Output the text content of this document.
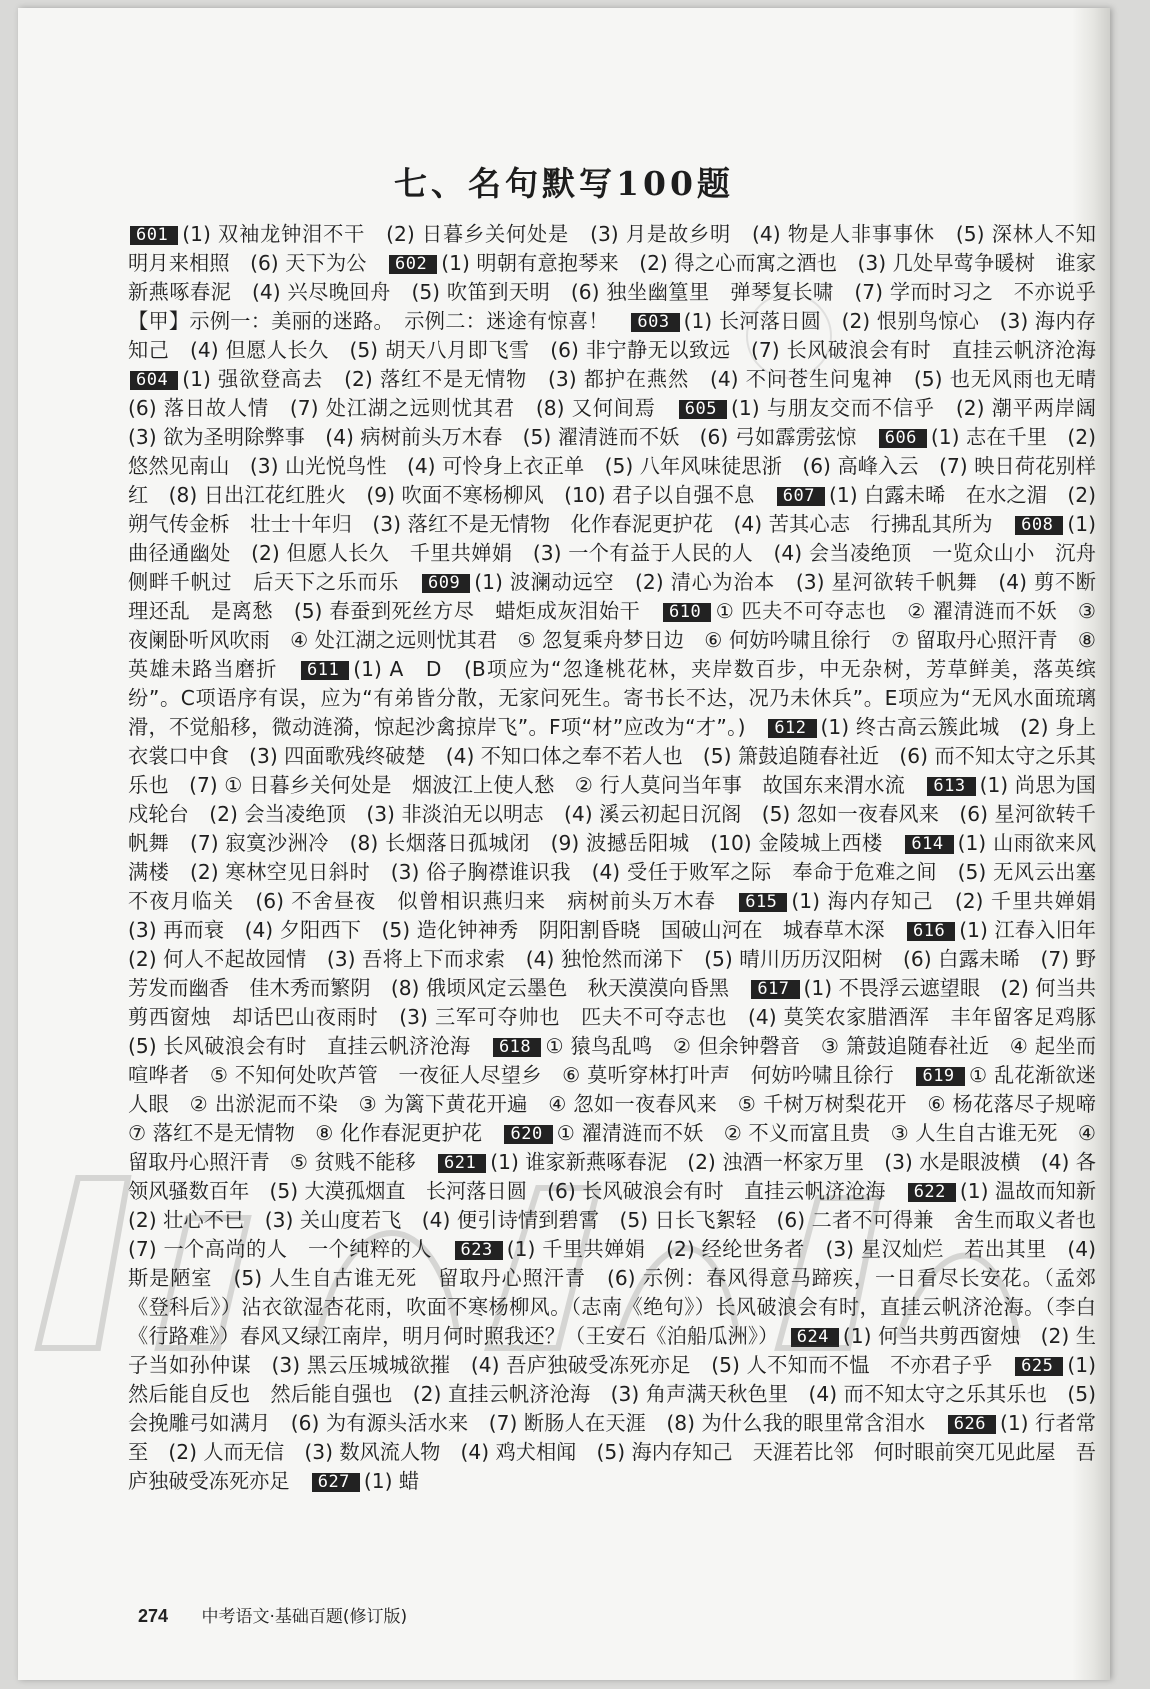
七、名句默写100题
601 (1) 双袖龙钟泪不干　(2) 日暮乡关何处是　(3) 月是故乡明　(4) 物是人非事事休　(5) 深林人不知　明月来相照　(6) 天下为公　602 (1) 明朝有意抱琴来　(2) 得之心而寓之酒也　(3) 几处早莺争暖树　谁家新燕啄春泥　(4) 兴尽晚回舟　(5) 吹笛到天明　(6) 独坐幽篁里　弹琴复长啸　(7) 学而时习之　不亦说乎　【甲】示例一：美丽的迷路。　示例二：迷途有惊喜！　603 (1) 长河落日圆　(2) 恨别鸟惊心　(3) 海内存知己　(4) 但愿人长久　(5) 胡天八月即飞雪　(6) 非宁静无以致远　(7) 长风破浪会有时　直挂云帆济沧海　604 (1) 强欲登高去　(2) 落红不是无情物　(3) 都护在燕然　(4) 不问苍生问鬼神　(5) 也无风雨也无晴　(6) 落日故人情　(7) 处江湖之远则忧其君　(8) 又何间焉　605 (1) 与朋友交而不信乎　(2) 潮平两岸阔　(3) 欲为圣明除弊事　(4) 病树前头万木春　(5) 濯清涟而不妖　(6) 弓如霹雳弦惊　606 (1) 志在千里　(2) 悠然见南山　(3) 山光悦鸟性　(4) 可怜身上衣正单　(5) 八年风味徒思浙　(6) 高峰入云　(7) 映日荷花别样红　(8) 日出江花红胜火　(9) 吹面不寒杨柳风　(10) 君子以自强不息　607 (1) 白露未晞　在水之湄　(2) 朔气传金柝　壮士十年归　(3) 落红不是无情物　化作春泥更护花　(4) 苦其心志　行拂乱其所为　608 (1) 曲径通幽处　(2) 但愿人长久　千里共婵娟　(3) 一个有益于人民的人　(4) 会当凌绝顶　一览众山小　沉舟侧畔千帆过　后天下之乐而乐　609 (1) 波澜动远空　(2) 清心为治本　(3) 星河欲转千帆舞　(4) 剪不断　理还乱　是离愁　(5) 春蚕到死丝方尽　蜡炬成灰泪始干　610 ① 匹夫不可夺志也　② 濯清涟而不妖　③ 夜阑卧听风吹雨　④ 处江湖之远则忧其君　⑤ 忽复乘舟梦日边　⑥ 何妨吟啸且徐行　⑦ 留取丹心照汗青　⑧ 英雄未路当磨折　611 (1) A　D　(B项应为“忽逢桃花林，夹岸数百步，中无杂树，芳草鲜美，落英缤纷”。C项语序有误，应为“有弟皆分散，无家问死生。寄书长不达，况乃未休兵”。E项应为“无风水面琉璃滑，不觉船移，微动涟漪，惊起沙禽掠岸飞”。F项“材”应改为“才”。)　612 (1) 终古高云簇此城　(2) 身上衣裳口中食　(3) 四面歌残终破楚　(4) 不知口体之奉不若人也　(5) 箫鼓追随春社近　(6) 而不知太守之乐其乐也　(7) ① 日暮乡关何处是　烟波江上使人愁　② 行人莫问当年事　故国东来渭水流　613 (1) 尚思为国戍轮台　(2) 会当凌绝顶　(3) 非淡泊无以明志　(4) 溪云初起日沉阁　(5) 忽如一夜春风来　(6) 星河欲转千帆舞　(7) 寂寞沙洲冷　(8) 长烟落日孤城闭　(9) 波撼岳阳城　(10) 金陵城上西楼　614 (1) 山雨欲来风满楼　(2) 寒林空见日斜时　(3) 俗子胸襟谁识我　(4) 受任于败军之际　奉命于危难之间　(5) 无风云出塞　不夜月临关　(6) 不舍昼夜　似曾相识燕归来　病树前头万木春　615 (1) 海内存知己　(2) 千里共婵娟　(3) 再而衰　(4) 夕阳西下　(5) 造化钟神秀　阴阳割昏晓　国破山河在　城春草木深　616 (1) 江春入旧年　(2) 何人不起故园情　(3) 吾将上下而求索　(4) 独怆然而涕下　(5) 晴川历历汉阳树　(6) 白露未晞　(7) 野芳发而幽香　佳木秀而繁阴　(8) 俄顷风定云墨色　秋天漠漠向昏黑　617 (1) 不畏浮云遮望眼　(2) 何当共剪西窗烛　却话巴山夜雨时　(3) 三军可夺帅也　匹夫不可夺志也　(4) 莫笑农家腊酒浑　丰年留客足鸡豚　(5) 长风破浪会有时　直挂云帆济沧海　618 ① 猿鸟乱鸣　② 但余钟磬音　③ 箫鼓追随春社近　④ 起坐而喧哗者　⑤ 不知何处吹芦管　一夜征人尽望乡　⑥ 莫听穿林打叶声　何妨吟啸且徐行　619 ① 乱花渐欲迷人眼　② 出淤泥而不染　③ 为篱下黄花开遍　④ 忽如一夜春风来　⑤ 千树万树梨花开　⑥ 杨花落尽子规啼　⑦ 落红不是无情物　⑧ 化作春泥更护花　620 ① 濯清涟而不妖　② 不义而富且贵　③ 人生自古谁无死　④ 留取丹心照汗青　⑤ 贫贱不能移　621 (1) 谁家新燕啄春泥　(2) 浊酒一杯家万里　(3) 水是眼波横　(4) 各领风骚数百年　(5) 大漠孤烟直　长河落日圆　(6) 长风破浪会有时　直挂云帆济沧海　622 (1) 温故而知新　(2) 壮心不已　(3) 关山度若飞　(4) 便引诗情到碧霄　(5) 日长飞絮轻　(6) 二者不可得兼　舍生而取义者也　(7) 一个高尚的人　一个纯粹的人　623 (1) 千里共婵娟　(2) 经纶世务者　(3) 星汉灿烂　若出其里　(4) 斯是陋室　(5) 人生自古谁无死　留取丹心照汗青　(6) 示例：春风得意马蹄疾，一日看尽长安花。（孟郊《登科后》）沾衣欲湿杏花雨，吹面不寒杨柳风。（志南《绝句》）长风破浪会有时，直挂云帆济沧海。（李白《行路难》）春风又绿江南岸，明月何时照我还？（王安石《泊船瓜洲》）　624 (1) 何当共剪西窗烛　(2) 生子当如孙仲谋　(3) 黑云压城城欲摧　(4) 吾庐独破受冻死亦足　(5) 人不知而不愠　不亦君子乎　625 (1) 然后能自反也　然后能自强也　(2) 直挂云帆济沧海　(3) 角声满天秋色里　(4) 而不知太守之乐其乐也　(5) 会挽雕弓如满月　(6) 为有源头活水来　(7) 断肠人在天涯　(8) 为什么我的眼里常含泪水　626 (1) 行者常至　(2) 人而无信　(3) 数风流人物　(4) 鸡犬相闻　(5) 海内存知己　天涯若比邻　何时眼前突兀见此屋　吾庐独破受冻死亦足　627 (1) 蜡
274 中考语文·基础百题(修订版)
